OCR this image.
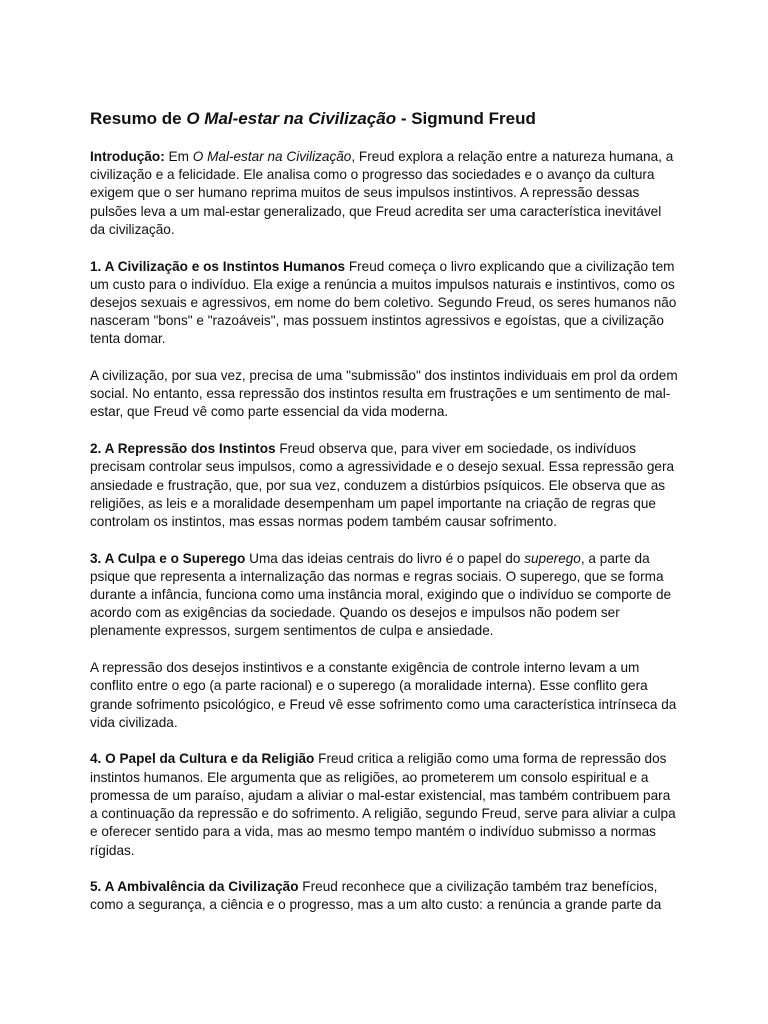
Resumo de O Mal-estar na Civilização - Sigmund Freud

Introdução: Em O Mal-estar na Civilização, Freud explora a relação entre a natureza humana, a civilização e a felicidade. Ele analisa como o progresso das sociedades e o avanço da cultura exigem que o ser humano reprima muitos de seus impulsos instintivos. A repressão dessas pulsões leva a um mal-estar generalizado, que Freud acredita ser uma característica inevitável da civilização.

1. A Civilização e os Instintos Humanos Freud começa o livro explicando que a civilização tem um custo para o indivíduo. Ela exige a renúncia a muitos impulsos naturais e instintivos, como os desejos sexuais e agressivos, em nome do bem coletivo. Segundo Freud, os seres humanos não nasceram "bons" e "razoáveis", mas possuem instintos agressivos e egoístas, que a civilização tenta domar.

A civilização, por sua vez, precisa de uma "submissão" dos instintos individuais em prol da ordem social. No entanto, essa repressão dos instintos resulta em frustrações e um sentimento de mal-estar, que Freud vê como parte essencial da vida moderna.

2. A Repressão dos Instintos Freud observa que, para viver em sociedade, os indivíduos precisam controlar seus impulsos, como a agressividade e o desejo sexual. Essa repressão gera ansiedade e frustração, que, por sua vez, conduzem a distúrbios psíquicos. Ele observa que as religiões, as leis e a moralidade desempenham um papel importante na criação de regras que controlam os instintos, mas essas normas podem também causar sofrimento.

3. A Culpa e o Superego Uma das ideias centrais do livro é o papel do superego, a parte da psique que representa a internalização das normas e regras sociais. O superego, que se forma durante a infância, funciona como uma instância moral, exigindo que o indivíduo se comporte de acordo com as exigências da sociedade. Quando os desejos e impulsos não podem ser plenamente expressos, surgem sentimentos de culpa e ansiedade.

A repressão dos desejos instintivos e a constante exigência de controle interno levam a um conflito entre o ego (a parte racional) e o superego (a moralidade interna). Esse conflito gera grande sofrimento psicológico, e Freud vê esse sofrimento como uma característica intrínseca da vida civilizada.

4. O Papel da Cultura e da Religião Freud critica a religião como uma forma de repressão dos instintos humanos. Ele argumenta que as religiões, ao prometerem um consolo espiritual e a promessa de um paraíso, ajudam a aliviar o mal-estar existencial, mas também contribuem para a continuação da repressão e do sofrimento. A religião, segundo Freud, serve para aliviar a culpa e oferecer sentido para a vida, mas ao mesmo tempo mantém o indivíduo submisso a normas rígidas.

5. A Ambivalência da Civilização Freud reconhece que a civilização também traz benefícios, como a segurança, a ciência e o progresso, mas a um alto custo: a renúncia a grande parte da
